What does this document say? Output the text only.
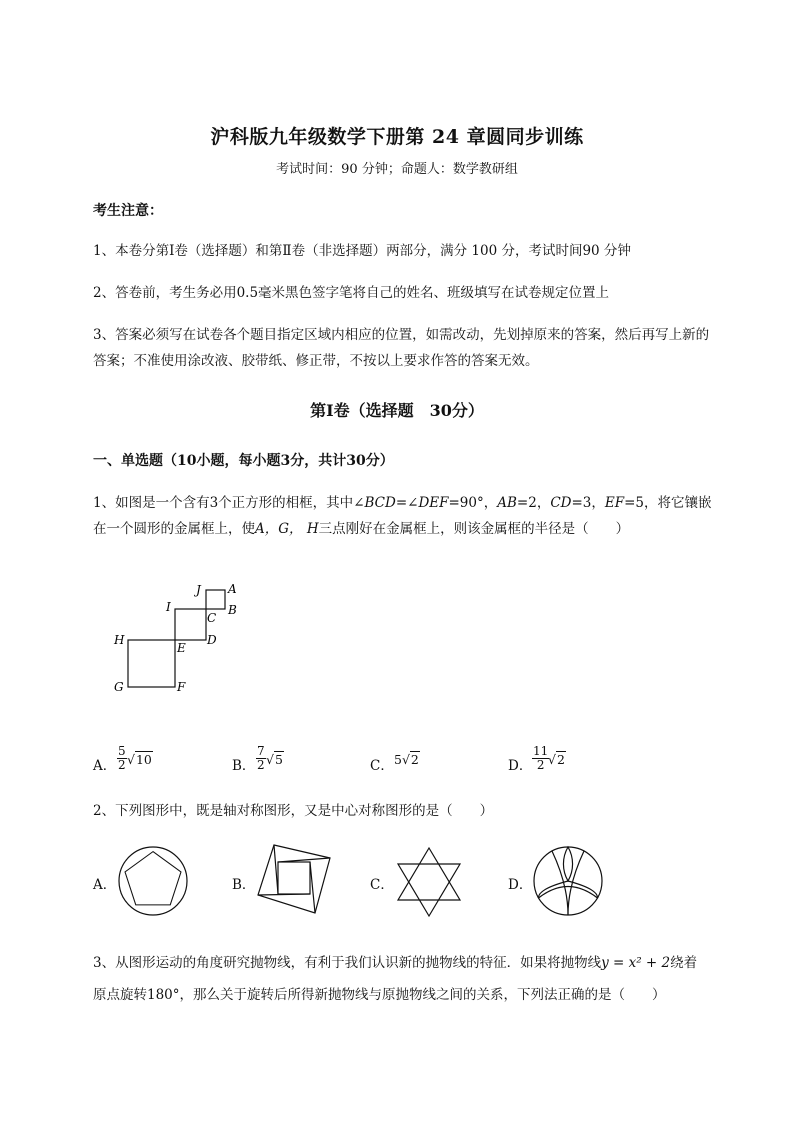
沪科版九年级数学下册第 24 章圆同步训练
考试时间：90 分钟；命题人：数学教研组
考生注意：
1、本卷分第Ⅰ卷（选择题）和第Ⅱ卷（非选择题）两部分，满分 100 分，考试时间90 分钟
2、答卷前，考生务必用0.5毫米黑色签字笔将自己的姓名、班级填写在试卷规定位置上
3、答案必须写在试卷各个题目指定区域内相应的位置，如需改动，先划掉原来的答案，然后再写上新的答案；不准使用涂改液、胶带纸、修正带，不按以上要求作答的答案无效。
第Ⅰ卷（选择题　30分）
一、单选题（10小题，每小题3分，共计30分）
1、如图是一个含有3个正方形的相框，其中∠BCD=∠DEF=90°，AB=2，CD=3，EF=5，将它镶嵌在一个圆形的金属框上，使A，G， H三点刚好在金属框上，则该金属框的半径是（　　）
J A
I	B
C
H	D
E
G	F
A． $\frac{5}{2} √10$	B． $\frac{7}{2} √5$	C． 5√2	D． $\frac{11}{2}$
√2
2、下列图形中，既是轴对称图形，又是中心对称图形的是（　　）
A．	B．	C．	D．
3、从图形运动的角度研究抛物线，有利于我们认识新的抛物线的特征．如果将抛物线y = x² + 2绕着
原点旋转180°，那么关于旋转后所得新抛物线与原抛物线之间的关系，下列法正确的是（　　）
